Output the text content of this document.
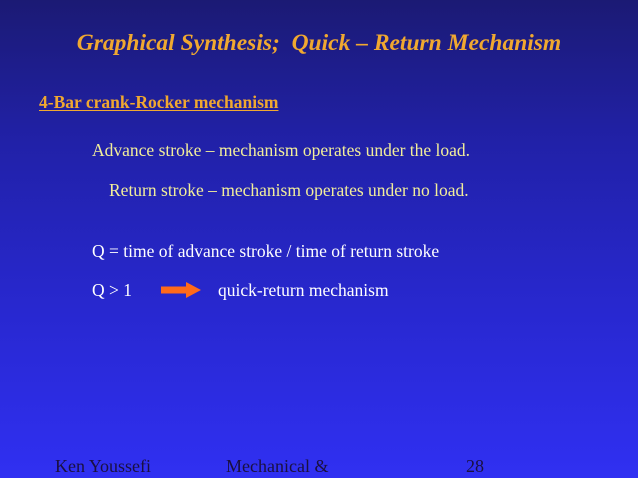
Graphical Synthesis;  Quick – Return Mechanism
4-Bar crank-Rocker mechanism
Advance stroke – mechanism operates under the load.
Return stroke – mechanism operates under no load.
Q = time of advance stroke / time of return stroke
Q > 1	quick-return mechanism
Ken Youssefi	Mechanical &	28
